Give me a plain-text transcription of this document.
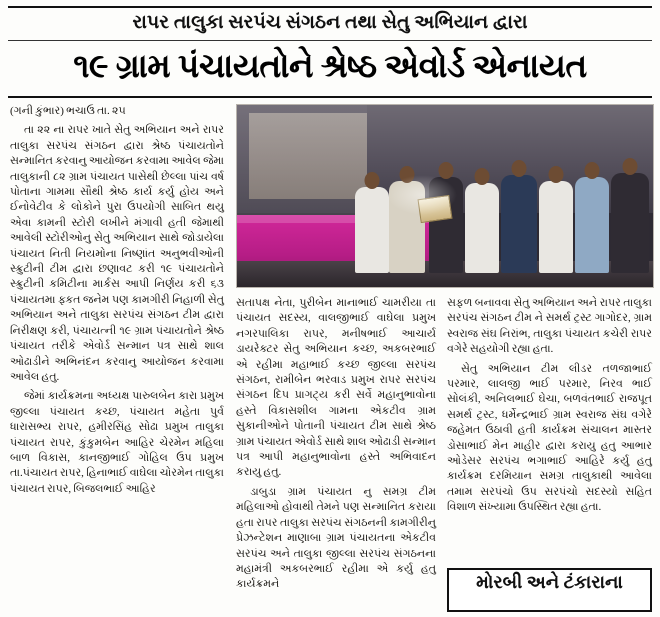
રાપર તાલુકા સરપંચ સંગઠન તથા સેતુ અભિયાન દ્વારા
૧૯ ગ્રામ પંચાયતોને શ્રેષ્ઠ એવોર્ડ એનાયત

(ગની કુંભાર) ભચાઉ તા. ૨૫

તા ૨૨ ના રાપર ખાતે સેતુ અભિયાન અને રાપર તાલુકા સરપંચ સંગઠન દ્વારા શ્રેષ્ઠ પંચાયતોને સન્માનિત કરવાનુ આયોજન કરવામા આવેલ જેમા તાલુકાની ૮૨ ગ્રામ પંચાયત પાસેથી છેલ્લા પાંચ વર્ષ પોતાના ગામમા સૌથી શ્રેષ્ઠ કાર્ય કર્યુ હોય અને ઈનોવેટીવ કે લોકોને પુરા ઉપયોગી સાબિત થયુ એવા કામની સ્ટોરી લખીને મંગાવી હતી જેમાથી આવેલી સ્ટોરીઓનુ સેતુ અભિયાન સાથે જોડાયેલા પંચાયત નિતી નિયમોના નિષ્ણાંત અનુભવીઓની સ્ક્રુટીની ટીમ દ્વારા છણાવટ કરી ૧૯ પંચાયતોને સ્ક્રુટીની કમિટીના માર્કસ આપી નિર્ણય કરી ૬૩ પંચાયતમા ફ્કત જનેમ પણ કામગીરી નિહાળી સેતુ અભિયાન અને તાલુકા સરપંચ સંગઠન ટીમ દ્વારા નિરીક્ષણ કરી, પંચાયત્ની ૧૯ ગ્રામ પંચાયતોને શ્રેષ્ઠ પંચાયત તરીકે એવોર્ડ સન્માન પત્ર સાથે શાલ ઓઢાડીને અભિનંદન કરવાનુ આયોજન કરવામા આવેલ હતુ.

જેમાં કાર્યક્રમના અધ્યક્ષ પારુલબેન કારા પ્રમુખ જીલ્લા પંચાયત કચ્છ, પંચાયત મહેતા પુર્વ ધારાસભ્ય રાપર, હમીરસિંહ સોઢા પ્રમુખ તાલુકા પંચાયત રાપર, કુંકુમબેન આહિર ચેરમેન મહિલા બાળ વિકાસ, કાનજીભાઈ ગોહિલ ઉપ પ્રમુખ તા.પંચાયત રાપર, હિનાભાઈ વાઘેલા ચોરમેન તાલુકા પંચાયત રાપર, બિજલભાઈ આહિર

સતાપક્ષ નેતા, પુરીબેન માનાભાઈ ચામરીયા તા પંચાયત સદસ્ય, વાલજીભાઈ વાઘેલા પ્રમુખ નગરપાલિકા રાપર, મનીષભાઈ આચાર્ય ડાયરેક્ટર સેતુ અભિયાન કચ્છ, અકબરભાઈ એ રહીમા મહાભાઈ કચ્છ જીલ્લા સરપંચ સંગઠન, રામીબેન ભરવાડ પ્રમુખ રાપર સરપંચ સંગઠન દિપ પ્રાગટ્ય કરી સર્વે મહાનુભાવોના હસ્તે વિકાસશીલ ગામના એકટીવ ગ્રામ સુકાનીઓને પોતાની પંચાયત ટીમ સાથે શ્રેષ્ઠ ગ્રામ પંચાયત એવોર્ડ સાથે શાલ ઓઢાડી સન્માન પત્ર આપી મહાનુભાવોના હસ્તે અભિવાદન કરાયુ હતુ.

ડાબુડા ગ્રામ પંચાયત નુ સમગ્ર ટીમ મહિલાઓ હોવાથી તેમને પણ સન્માનિત કરાયા હતા રાપર તાલુકા સરપંચ સંગઠનની કામગીરીનુ પ્રેઝન્ટેશન માણાબા ગ્રામ પંચાયતના એકટીવ સરપંચ અને તાલુકા જીલ્લા સરપંચ સંગઠનના મહામંત્રી અકબરભાઈ રહીમા એ કર્યુ હતુ કાર્યક્રમને

સફળ બનાવવા સેતુ અભિયાન અને રાપર તાલુકા સરપંચ સંગઠન ટીમ ને સમર્થ ટ્રસ્ટ ગાગોદર, ગ્રામ સ્વરાજ સંઘ નિરાંભ, તાલુકા પંચાયત કચેરી રાપર વગેરે સહયોગી રહ્યા હતા.

સેતુ અભિયાન ટીમ લીડર તળજાભાઈ પરમાર, લાલજી ભાઈ પરમાર, નિરવ ભાઈ સોલંકી, અનિલભાઈ ઘેચા, બળવંતભાઈ રાજપૂત સમર્થ ટ્રસ્ટ, ધર્મેન્દ્રભાઈ ગ્રામ સ્વરાજ સંઘ વગેરે જહેમત ઉઠાવી હતી કાર્યક્રમ સંચાલન માસ્તર ડોસાભાઈ મેન માહીર દ્વારા કરાયુ હતુ આભાર ઓડેસર સરપંચ ભગાભાઈ આહિરે કર્યુ હતુ કાર્યક્રમ દરમિયાન સમગ્ર તાલુકાથી આવેલા તમામ સરપંચો ઉપ સરપંચો સદસ્યો સહિત વિશાળ સંખ્યામા ઉપસ્થિત રહ્યા હતા.

મોરબી અને ટંકારાના
